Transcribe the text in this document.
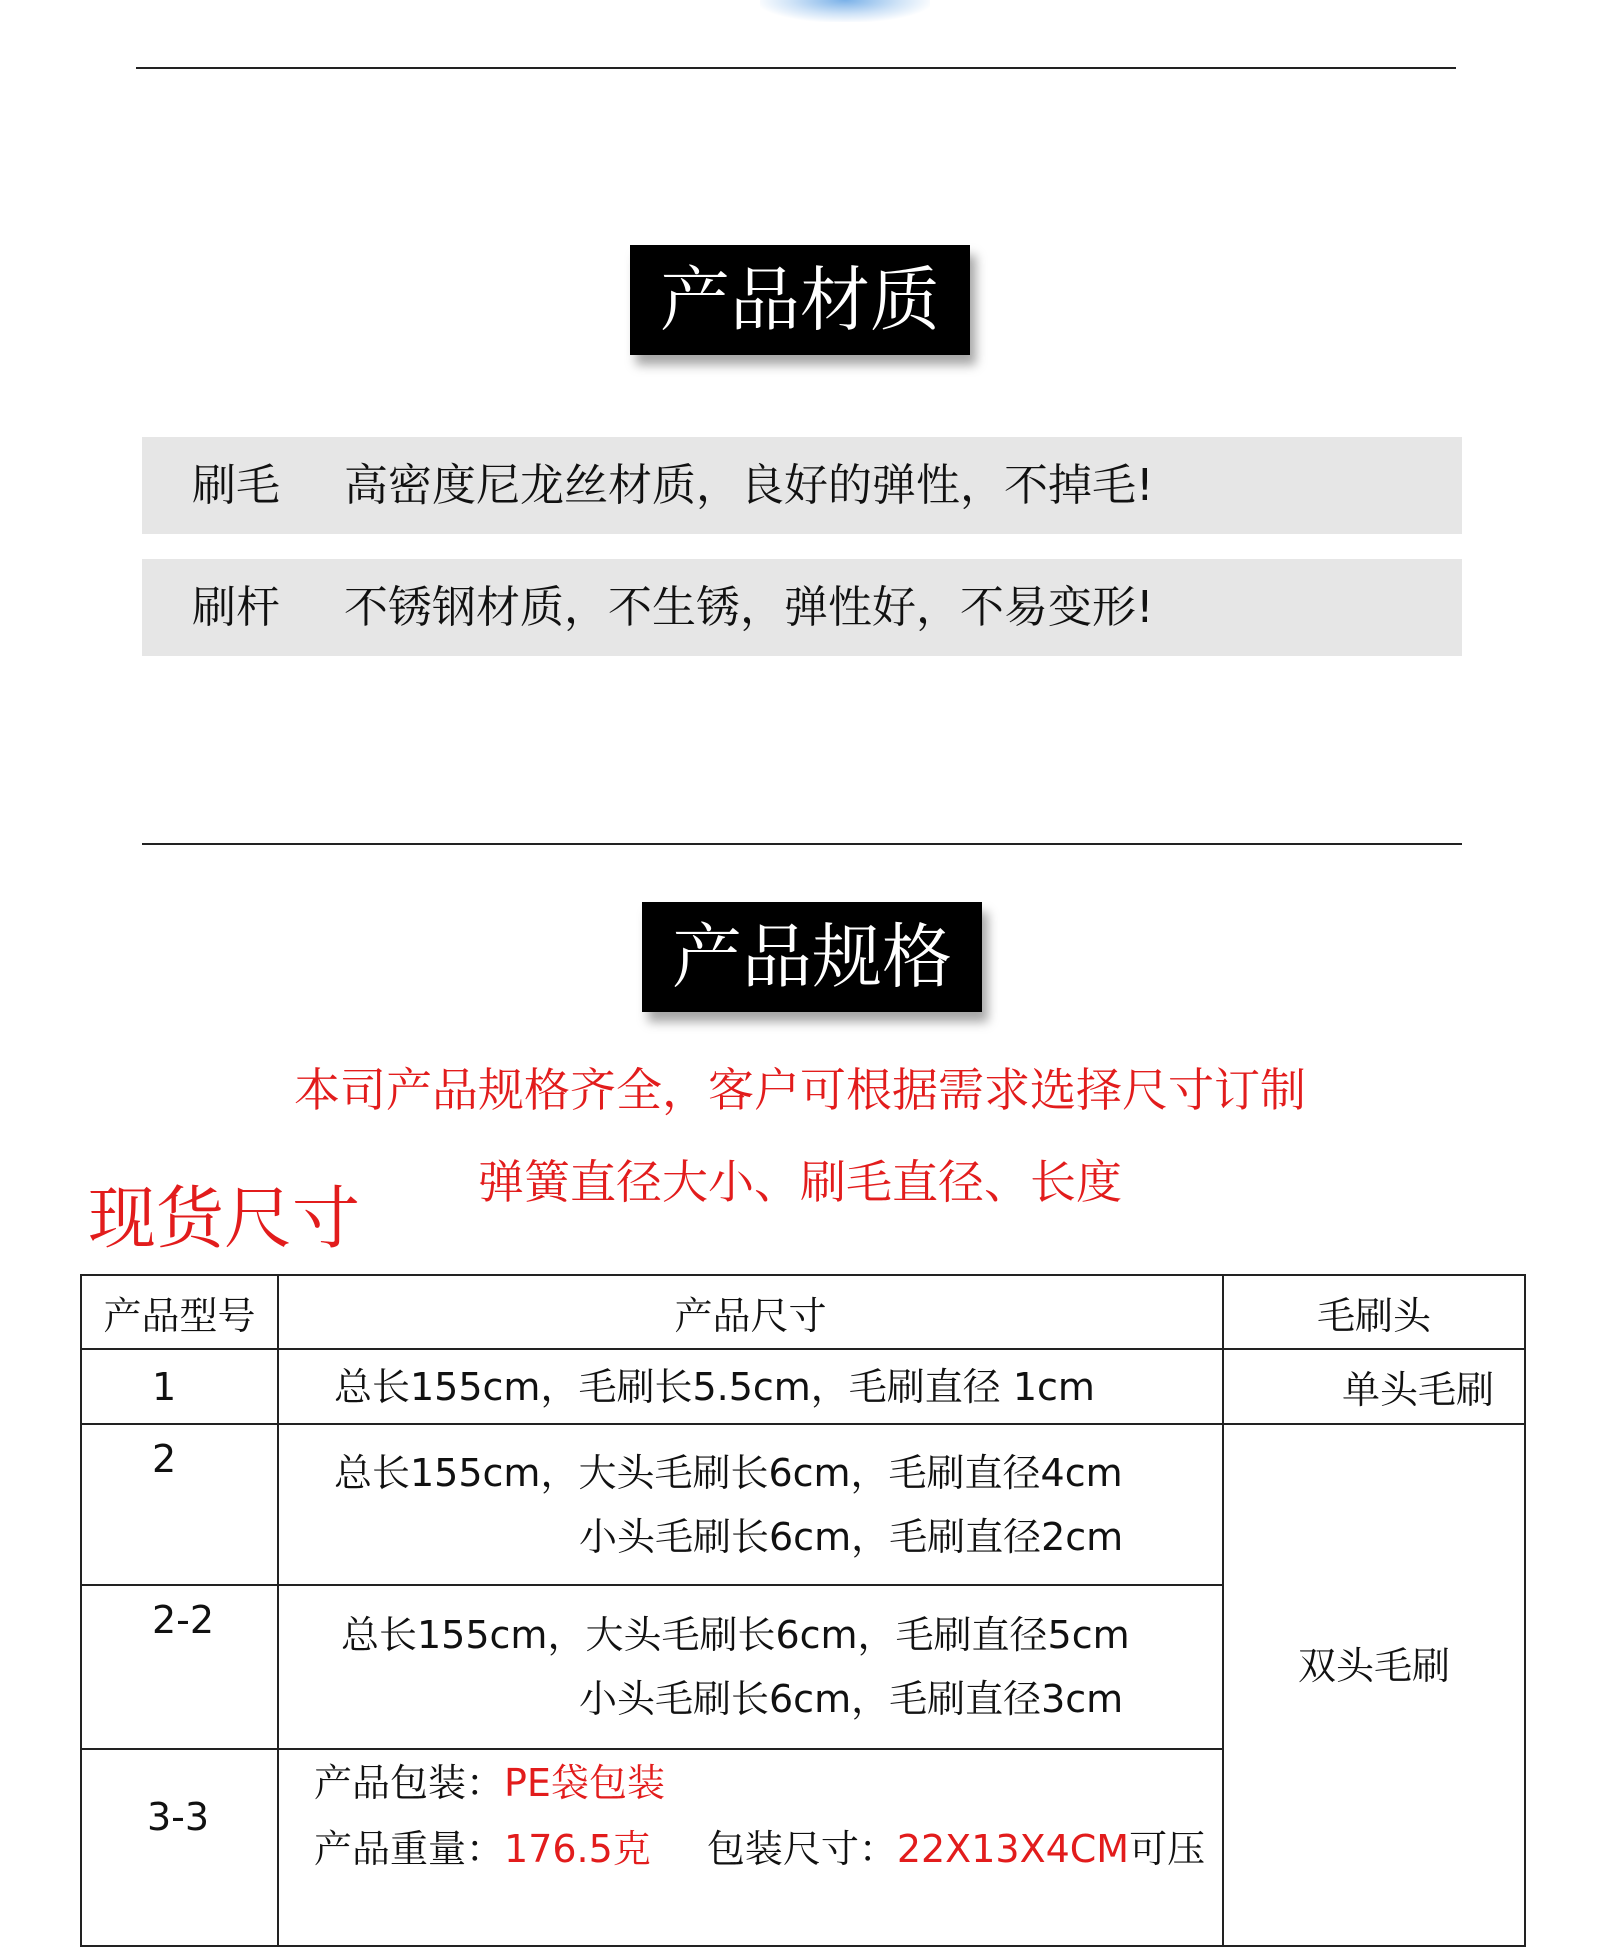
产品材质
刷毛 高密度尼龙丝材质，良好的弹性，不掉毛!
刷杆 不锈钢材质，不生锈，弹性好，不易变形!
产品规格
本司产品规格齐全，客户可根据需求选择尺寸订制
弹簧直径大小、刷毛直径、长度
现货尺寸
产品型号	产品尺寸	毛刷头
1	总长155cm，毛刷长5.5cm，毛刷直径 1cm	单头毛刷
2	总长155cm，大头毛刷长6cm，毛刷直径4cm
小头毛刷长6cm，毛刷直径2cm	双头毛刷
2-2	总长155cm，大头毛刷长6cm，毛刷直径5cm
小头毛刷长6cm，毛刷直径3cm	

3-3	产品包装：PE袋包装
产品重量：176.5克 包装尺寸：22X13X4CM可压	
